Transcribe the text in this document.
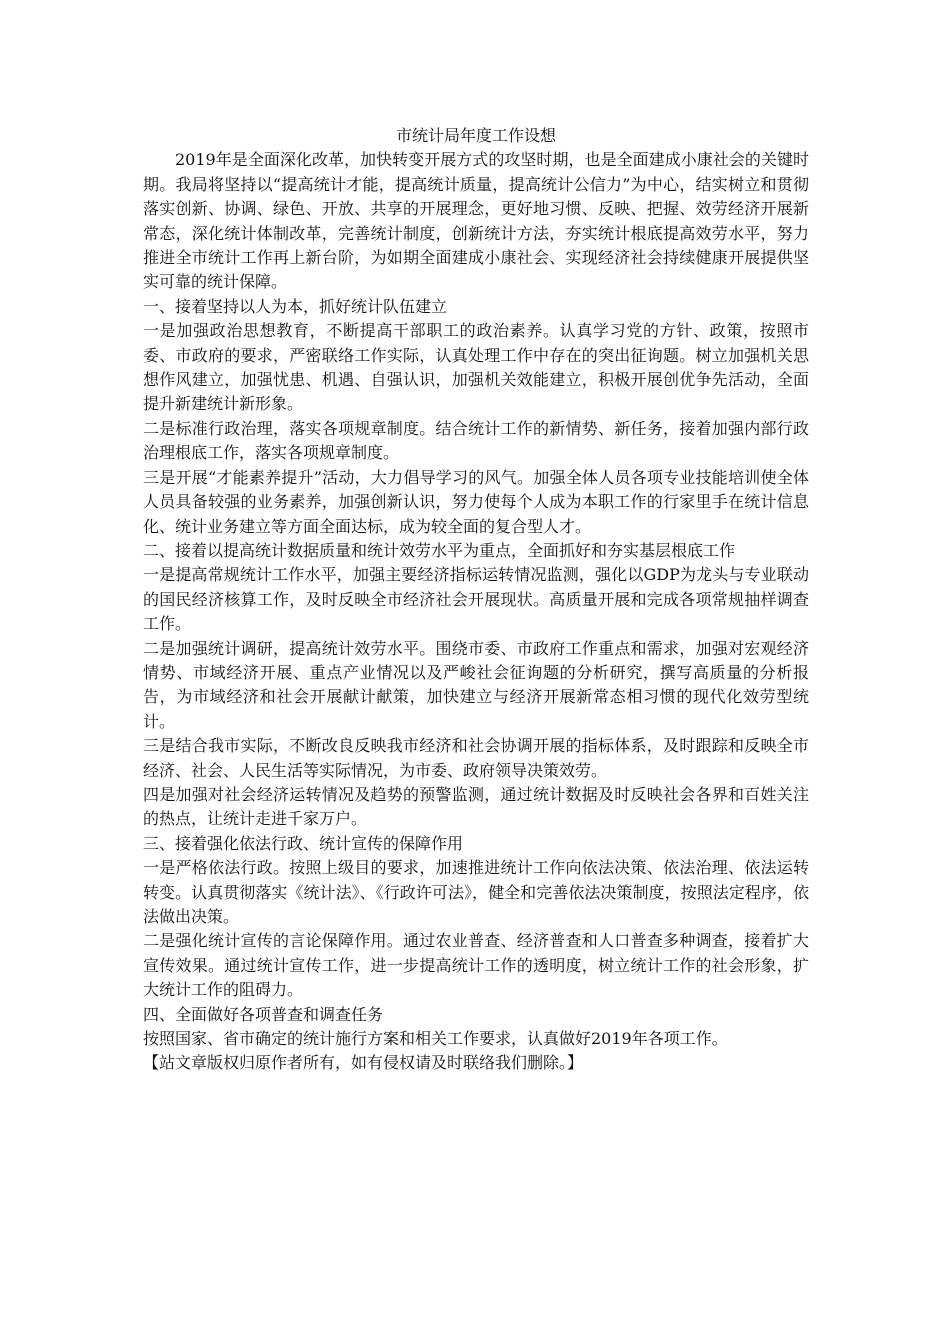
市统计局年度工作设想

2019年是全面深化改革，加快转变开展方式的攻坚时期，也是全面建成小康社会的关键时期。我局将坚持以“提高统计才能，提高统计质量，提高统计公信力”为中心，结实树立和贯彻落实创新、协调、绿色、开放、共享的开展理念，更好地习惯、反映、把握、效劳经济开展新常态，深化统计体制改革，完善统计制度，创新统计方法，夯实统计根底提高效劳水平，努力推进全市统计工作再上新台阶，为如期全面建成小康社会、实现经济社会持续健康开展提供坚实可靠的统计保障。

一、接着坚持以人为本，抓好统计队伍建立

一是加强政治思想教育，不断提高干部职工的政治素养。认真学习党的方针、政策，按照市委、市政府的要求，严密联络工作实际，认真处理工作中存在的突出征询题。树立加强机关思想作风建立，加强忧患、机遇、自强认识，加强机关效能建立，积极开展创优争先活动，全面提升新建统计新形象。

二是标准行政治理，落实各项规章制度。结合统计工作的新情势、新任务，接着加强内部行政治理根底工作，落实各项规章制度。

三是开展“才能素养提升”活动，大力倡导学习的风气。加强全体人员各项专业技能培训使全体人员具备较强的业务素养，加强创新认识，努力使每个人成为本职工作的行家里手在统计信息化、统计业务建立等方面全面达标，成为较全面的复合型人才。

二、接着以提高统计数据质量和统计效劳水平为重点，全面抓好和夯实基层根底工作

一是提高常规统计工作水平，加强主要经济指标运转情况监测，强化以GDP为龙头与专业联动的国民经济核算工作，及时反映全市经济社会开展现状。高质量开展和完成各项常规抽样调查工作。

二是加强统计调研，提高统计效劳水平。围绕市委、市政府工作重点和需求，加强对宏观经济情势、市域经济开展、重点产业情况以及严峻社会征询题的分析研究，撰写高质量的分析报告，为市域经济和社会开展献计献策，加快建立与经济开展新常态相习惯的现代化效劳型统计。

三是结合我市实际，不断改良反映我市经济和社会协调开展的指标体系，及时跟踪和反映全市经济、社会、人民生活等实际情况，为市委、政府领导决策效劳。

四是加强对社会经济运转情况及趋势的预警监测，通过统计数据及时反映社会各界和百姓关注的热点，让统计走进千家万户。

三、接着强化依法行政、统计宣传的保障作用

一是严格依法行政。按照上级目的要求，加速推进统计工作向依法决策、依法治理、依法运转转变。认真贯彻落实《统计法》、《行政许可法》，健全和完善依法决策制度，按照法定程序，依法做出决策。

二是强化统计宣传的言论保障作用。通过农业普查、经济普查和人口普查多种调查，接着扩大宣传效果。通过统计宣传工作，进一步提高统计工作的透明度，树立统计工作的社会形象，扩大统计工作的阻碍力。

四、全面做好各项普查和调查任务

按照国家、省市确定的统计施行方案和相关工作要求，认真做好2019年各项工作。

【站文章版权归原作者所有，如有侵权请及时联络我们删除。】
